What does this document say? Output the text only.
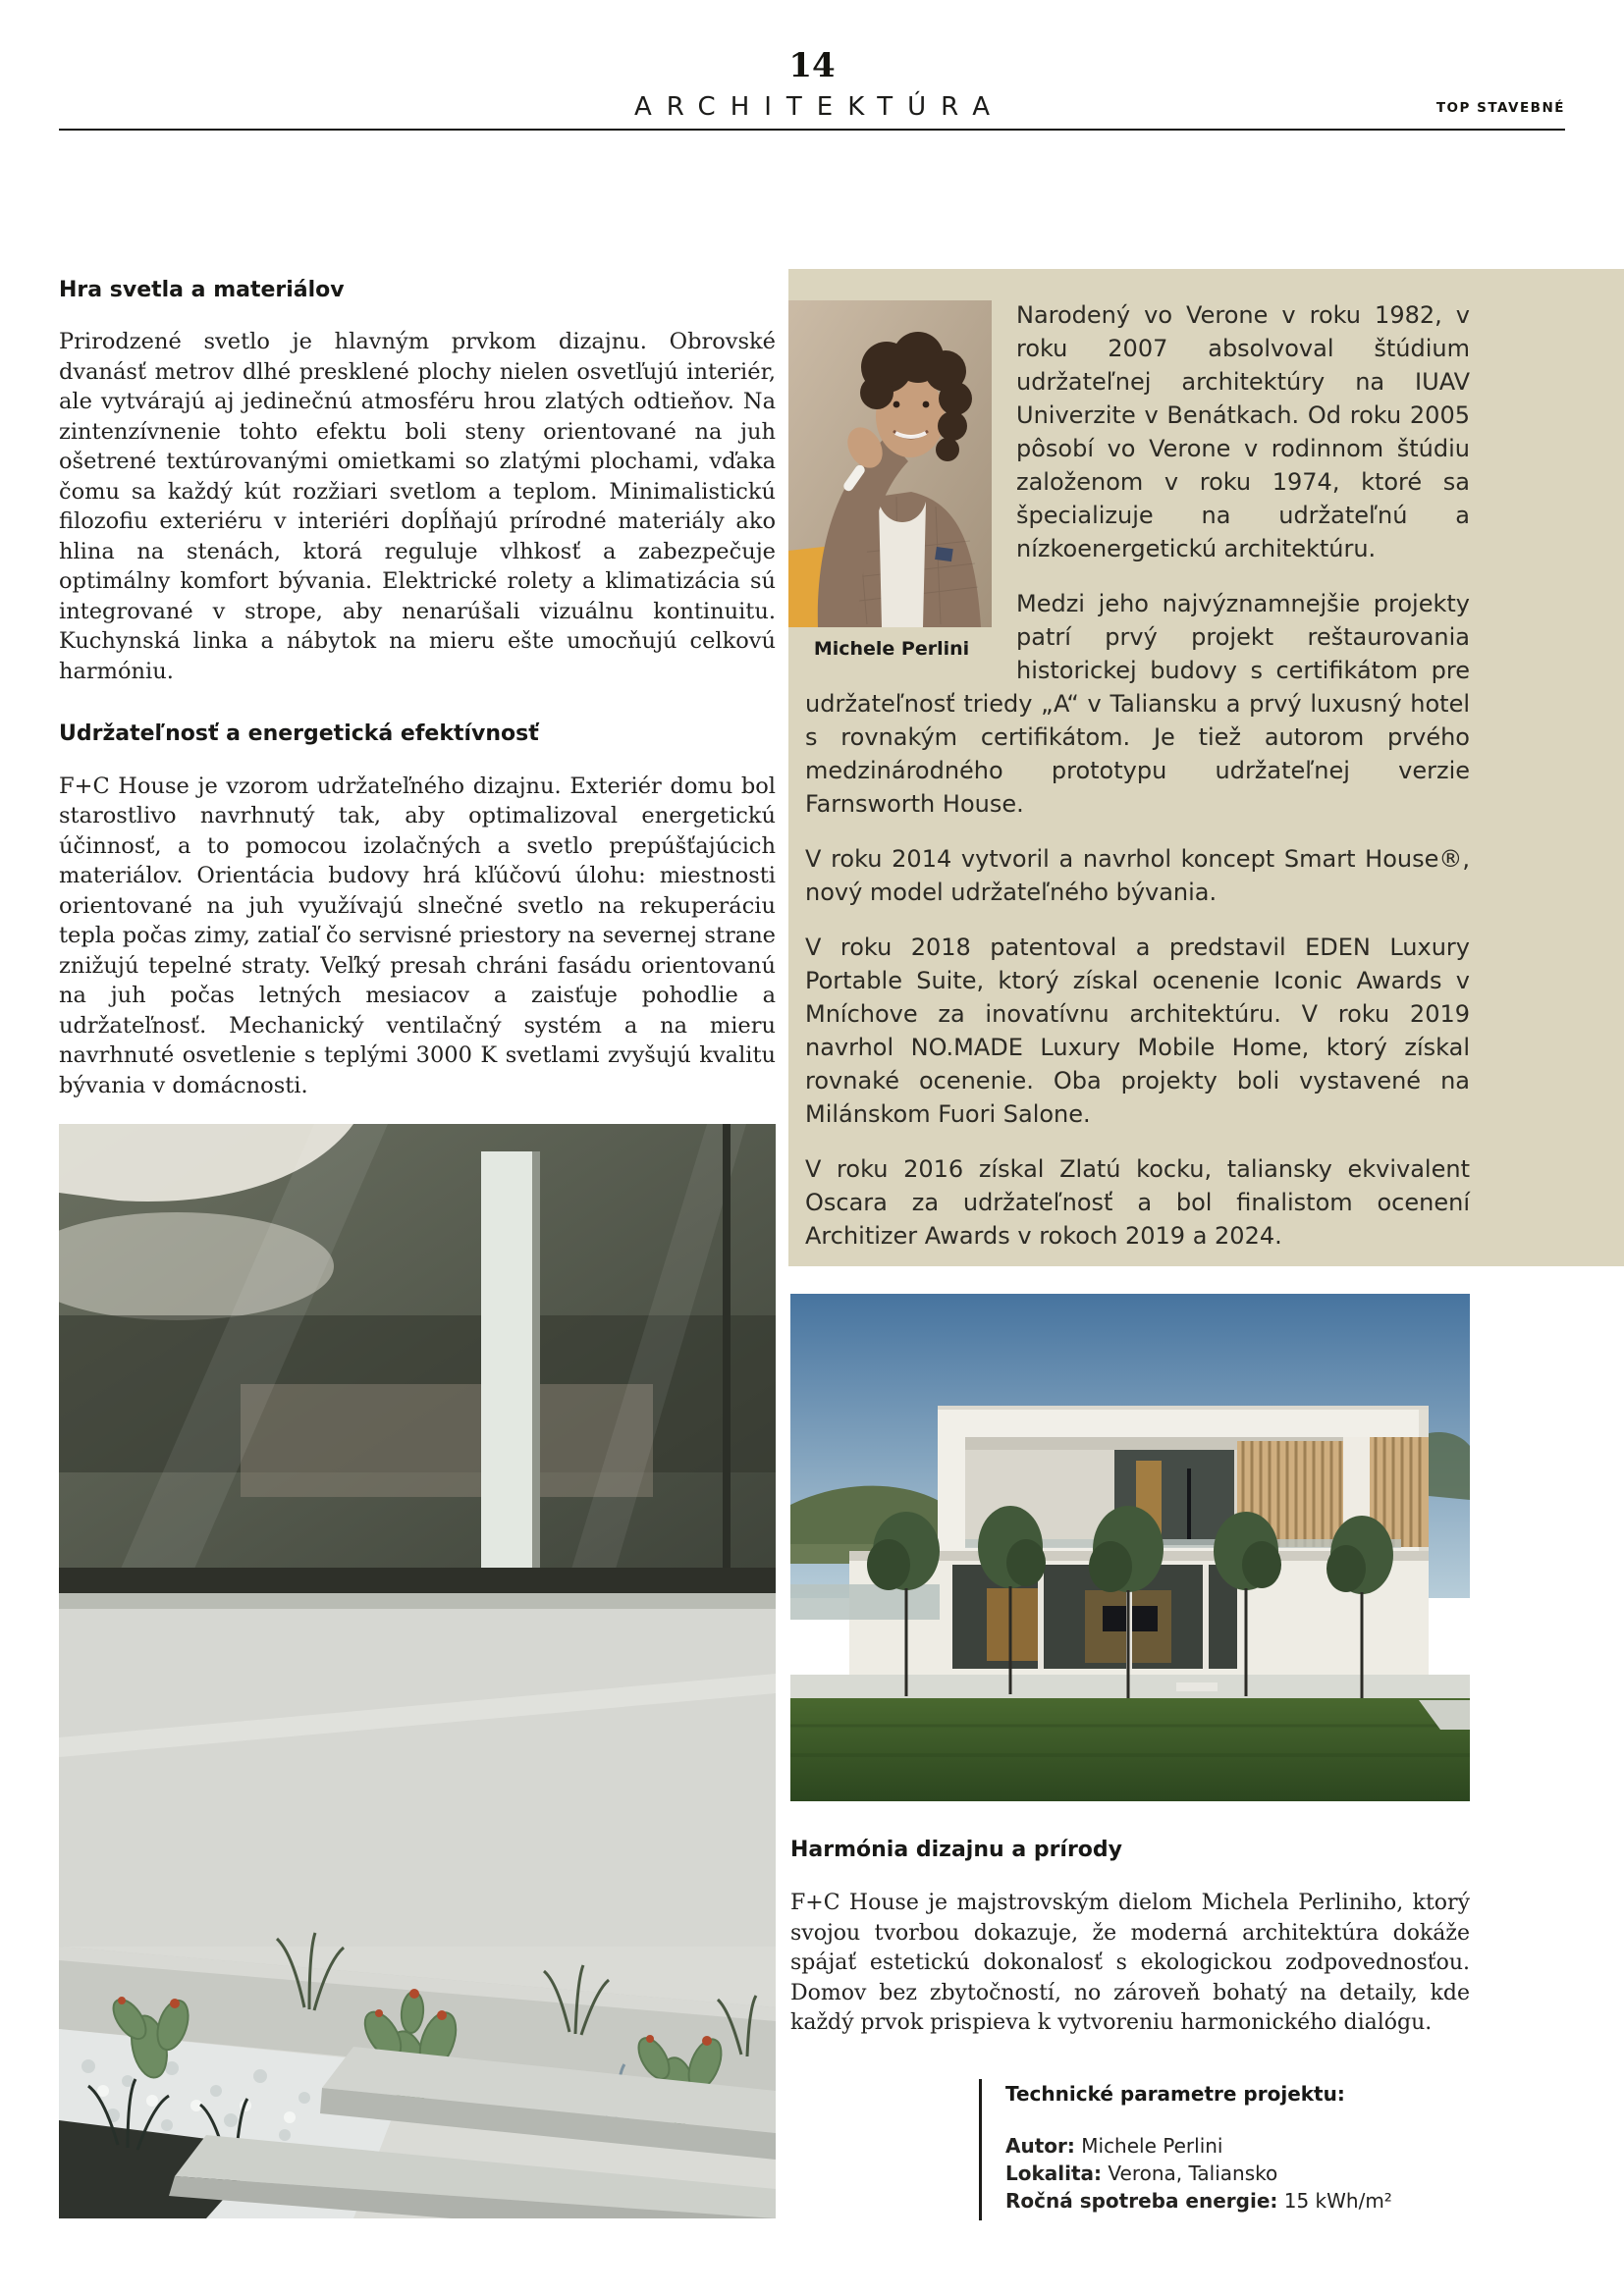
14
ARCHITEKTÚRA	TOP STAVEBNÉ
Hra svetla a materiálov

Prirodzené svetlo je hlavným prvkom dizajnu. Obrovské dvanásť metrov dlhé presklené plochy nielen osvetľujú interiér, ale vytvárajú aj jedinečnú atmosféru hrou zlatých odtieňov. Na zintenzívnenie tohto efektu boli steny orientované na juh ošetrené textúrovanými omietkami so zlatými plochami, vďaka čomu sa každý kút rozžiari svetlom a teplom. Minimalistickú filozofiu exteriéru v interiéri dopĺňajú prírodné materiály ako hlina na stenách, ktorá reguluje vlhkosť a zabezpečuje optimálny komfort bývania. Elektrické rolety a klimatizácia sú integrované v strope, aby nenarúšali vizuálnu kontinuitu. Kuchynská linka a nábytok na mieru ešte umocňujú celkovú harmóniu.

Udržateľnosť a energetická efektívnosť

F+C House je vzorom udržateľného dizajnu. Exteriér domu bol starostlivo navrhnutý tak, aby optimalizoval energetickú účinnosť, a to pomocou izolačných a svetlo prepúšťajúcich materiálov. Orientácia budovy hrá kľúčovú úlohu: miestnosti orientované na juh využívajú slnečné svetlo na rekuperáciu tepla počas zimy, zatiaľ čo servisné priestory na severnej strane znižujú tepelné straty. Veľký presah chráni fasádu orientovanú na juh počas letných mesiacov a zaisťuje pohodlie a udržateľnosť. Mechanický ventilačný systém a na mieru navrhnuté osvetlenie s teplými 3000 K svetlami zvyšujú kvalitu bývania v domácnosti.

Michele Perlini

Narodený vo Verone v roku 1982, v roku 2007 absolvoval štúdium udržateľnej architektúry na IUAV Univerzite v Benátkach. Od roku 2005 pôsobí vo Verone v rodinnom štúdiu založenom v roku 1974, ktoré sa špecializuje na udržateľnú a nízkoenergetickú architektúru.

Medzi jeho najvýznamnejšie projekty patrí prvý projekt reštaurovania historickej budovy s certifikátom pre udržateľnosť triedy „A“ v Taliansku a prvý luxusný hotel s rovnakým certifikátom. Je tiež autorom prvého medzinárodného prototypu udržateľnej verzie Farnsworth House.

V roku 2014 vytvoril a navrhol koncept Smart House®, nový model udržateľného bývania.

V roku 2018 patentoval a predstavil EDEN Luxury Portable Suite, ktorý získal ocenenie Iconic Awards v Mníchove za inovatívnu architektúru. V roku 2019 navrhol NO.MADE Luxury Mobile Home, ktorý získal rovnaké ocenenie. Oba projekty boli vystavené na Milánskom Fuori Salone.

V roku 2016 získal Zlatú kocku, taliansky ekvivalent Oscara za udržateľnosť a bol finalistom ocenení Architizer Awards v rokoch 2019 a 2024.

Harmónia dizajnu a prírody

F+C House je majstrovským dielom Michela Perliniho, ktorý svojou tvorbou dokazuje, že moderná architektúra dokáže spájať estetickú dokonalosť s ekologickou zodpovednosťou. Domov bez zbytočností, no zároveň bohatý na detaily, kde každý prvok prispieva k vytvoreniu harmonického dialógu.

Technické parametre projektu:
Autor: Michele Perlini
Lokalita: Verona, Taliansko
Ročná spotreba energie: 15 kWh/m²
